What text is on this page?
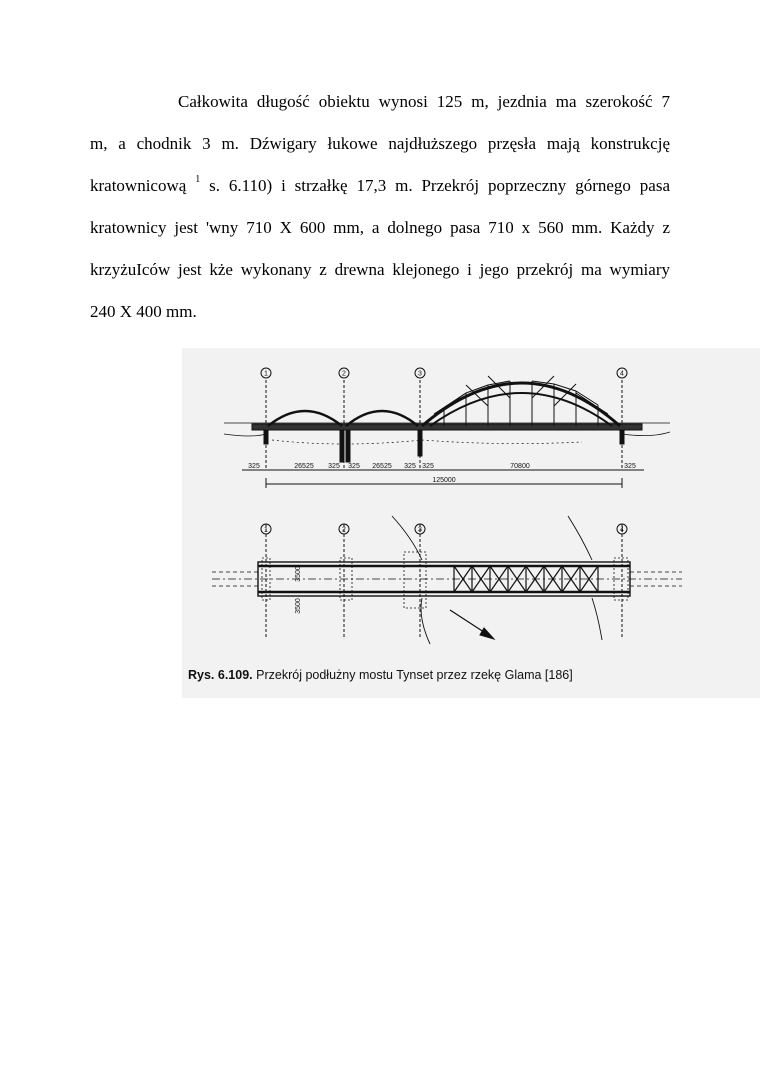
Całkowita długość obiektu wynosi 125 m, jezdnia ma szerokość 7
m, a chodnik 3 m. Dźwigary łukowe najdłuższego przęsła mają konstrukcję
kratownicową $^1$ s. 6.110) i strzałkę 17,3 m. Przekrój poprzeczny górnego pasa
kratownicy jest 'wny 710 X 600 mm, a dolnego pasa 710 x 560 mm. Każdy z
krzyżuIców jest kże wykonany z drewna klejonego i jego przekrój ma wymiary
240 X 400 mm.
1	2	3	4
1	2	3	4
325	26525 325 325 26525 325 325	70800	325
125000
3500
3500
Rys. 6.109. Przekrój podłużny mostu Tynset przez rzekę Glama [186]
